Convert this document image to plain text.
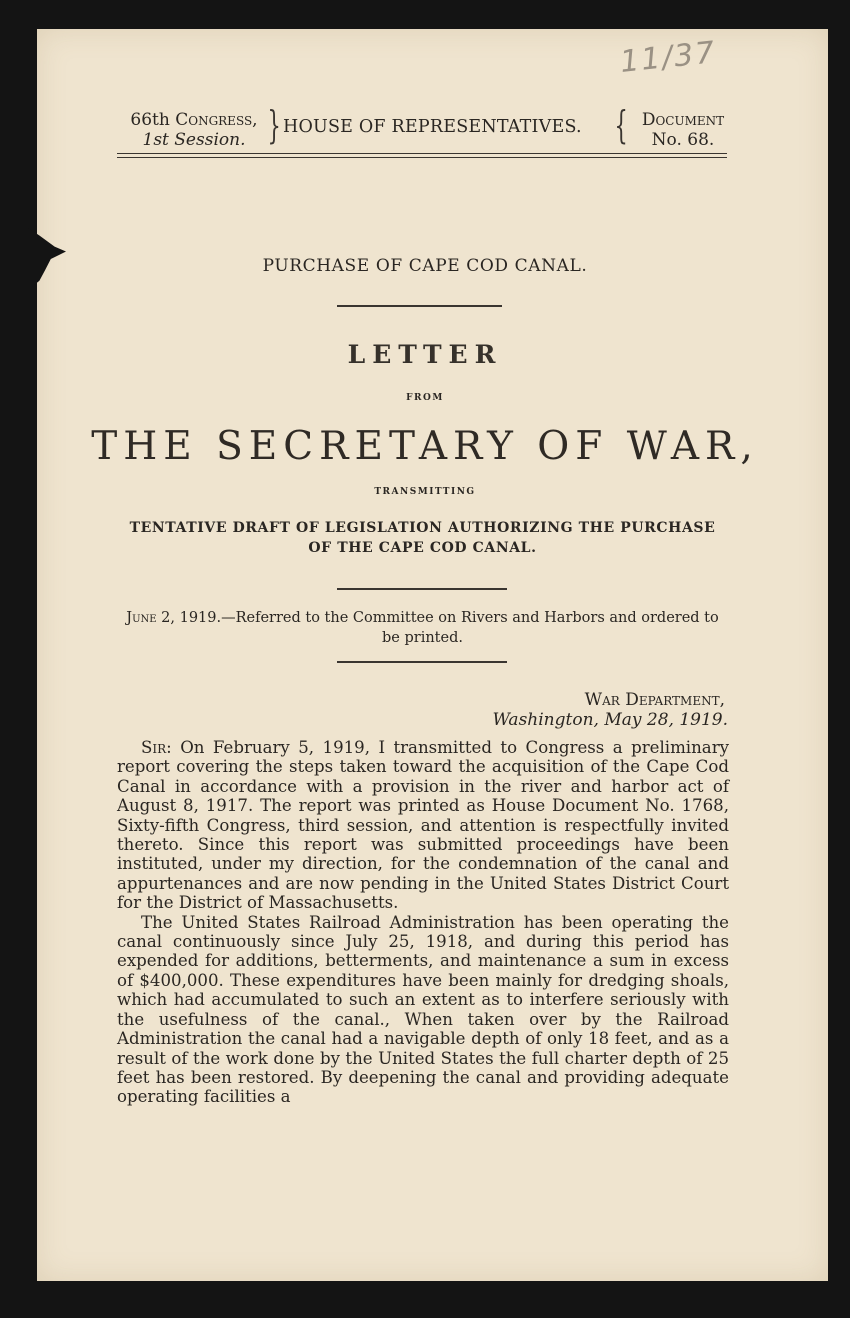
11/37
66th Congress,
1st Session. } HOUSE OF REPRESENTATIVES. { Document
No. 68.
PURCHASE OF CAPE COD CANAL.
LETTER
FROM
THE SECRETARY OF WAR,
TRANSMITTING
TENTATIVE DRAFT OF LEGISLATION AUTHORIZING THE PURCHASE OF THE CAPE COD CANAL.
June 2, 1919.—Referred to the Committee on Rivers and Harbors and ordered to be printed.
War Department,
Washington, May 28, 1919.

Sir: On February 5, 1919, I transmitted to Congress a preliminary report covering the steps taken toward the acquisition of the Cape Cod Canal in accordance with a provision in the river and harbor act of August 8, 1917. The report was printed as House Document No. 1768, Sixty-fifth Congress, third session, and attention is respectfully invited thereto. Since this report was submitted proceedings have been instituted, under my direction, for the condemnation of the canal and appurtenances and are now pending in the United States District Court for the District of Massachusetts.

The United States Railroad Administration has been operating the canal continuously since July 25, 1918, and during this period has expended for additions, betterments, and maintenance a sum in excess of $400,000. These expenditures have been mainly for dredging shoals, which had accumulated to such an extent as to interfere seriously with the usefulness of the canal., When taken over by the Railroad Administration the canal had a navigable depth of only 18 feet, and as a result of the work done by the United States the full charter depth of 25 feet has been restored. By deepening the canal and providing adequate operating facilities a
